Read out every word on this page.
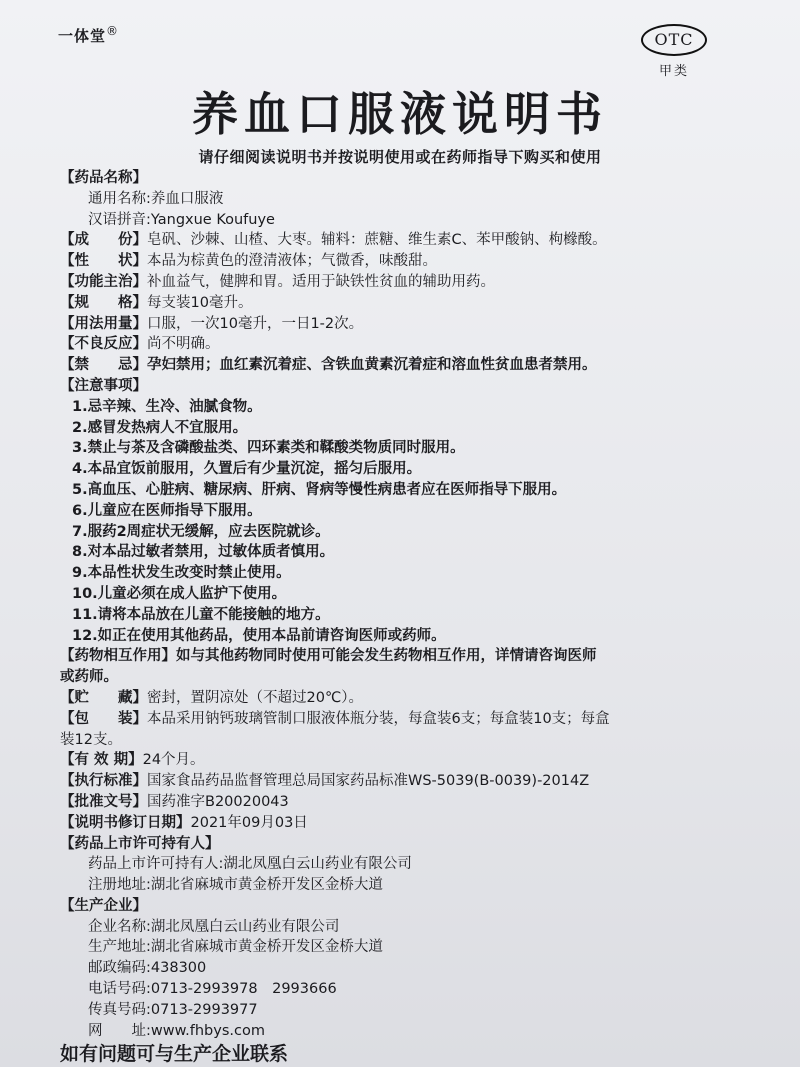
一体堂®	OTC
甲类
养血口服液说明书
请仔细阅读说明书并按说明使用或在药师指导下购买和使用
【药品名称】
通用名称:养血口服液
汉语拼音:Yangxue Koufuye
【成　　份】皂矾、沙棘、山楂、大枣。辅料：蔗糖、维生素C、苯甲酸钠、枸橼酸。
【性　　状】本品为棕黄色的澄清液体；气微香，味酸甜。
【功能主治】补血益气，健脾和胃。适用于缺铁性贫血的辅助用药。
【规　　格】每支装10毫升。
【用法用量】口服，一次10毫升，一日1-2次。
【不良反应】尚不明确。
【禁　　忌】孕妇禁用；血红素沉着症、含铁血黄素沉着症和溶血性贫血患者禁用。
【注意事项】
1.忌辛辣、生冷、油腻食物。
2.感冒发热病人不宜服用。
3.禁止与茶及含磷酸盐类、四环素类和鞣酸类物质同时服用。
4.本品宜饭前服用，久置后有少量沉淀，摇匀后服用。
5.高血压、心脏病、糖尿病、肝病、肾病等慢性病患者应在医师指导下服用。
6.儿童应在医师指导下服用。
7.服药2周症状无缓解，应去医院就诊。
8.对本品过敏者禁用，过敏体质者慎用。
9.本品性状发生改变时禁止使用。
10.儿童必须在成人监护下使用。
11.请将本品放在儿童不能接触的地方。
12.如正在使用其他药品，使用本品前请咨询医师或药师。
【药物相互作用】如与其他药物同时使用可能会发生药物相互作用，详情请咨询医师
或药师。
【贮　　藏】密封，置阴凉处（不超过20℃）。
【包　　装】本品采用钠钙玻璃管制口服液体瓶分装，每盒装6支；每盒装10支；每盒
装12支。
【有 效 期】24个月。
【执行标准】国家食品药品监督管理总局国家药品标准WS-5039(B-0039)-2014Z
【批准文号】国药准字B20020043
【说明书修订日期】2021年09月03日
【药品上市许可持有人】
药品上市许可持有人:湖北凤凰白云山药业有限公司
注册地址:湖北省麻城市黄金桥开发区金桥大道
【生产企业】
企业名称:湖北凤凰白云山药业有限公司
生产地址:湖北省麻城市黄金桥开发区金桥大道
邮政编码:438300
电话号码:0713-2993978　2993666
传真号码:0713-2993977
网　　址:www.fhbys.com
如有问题可与生产企业联系
